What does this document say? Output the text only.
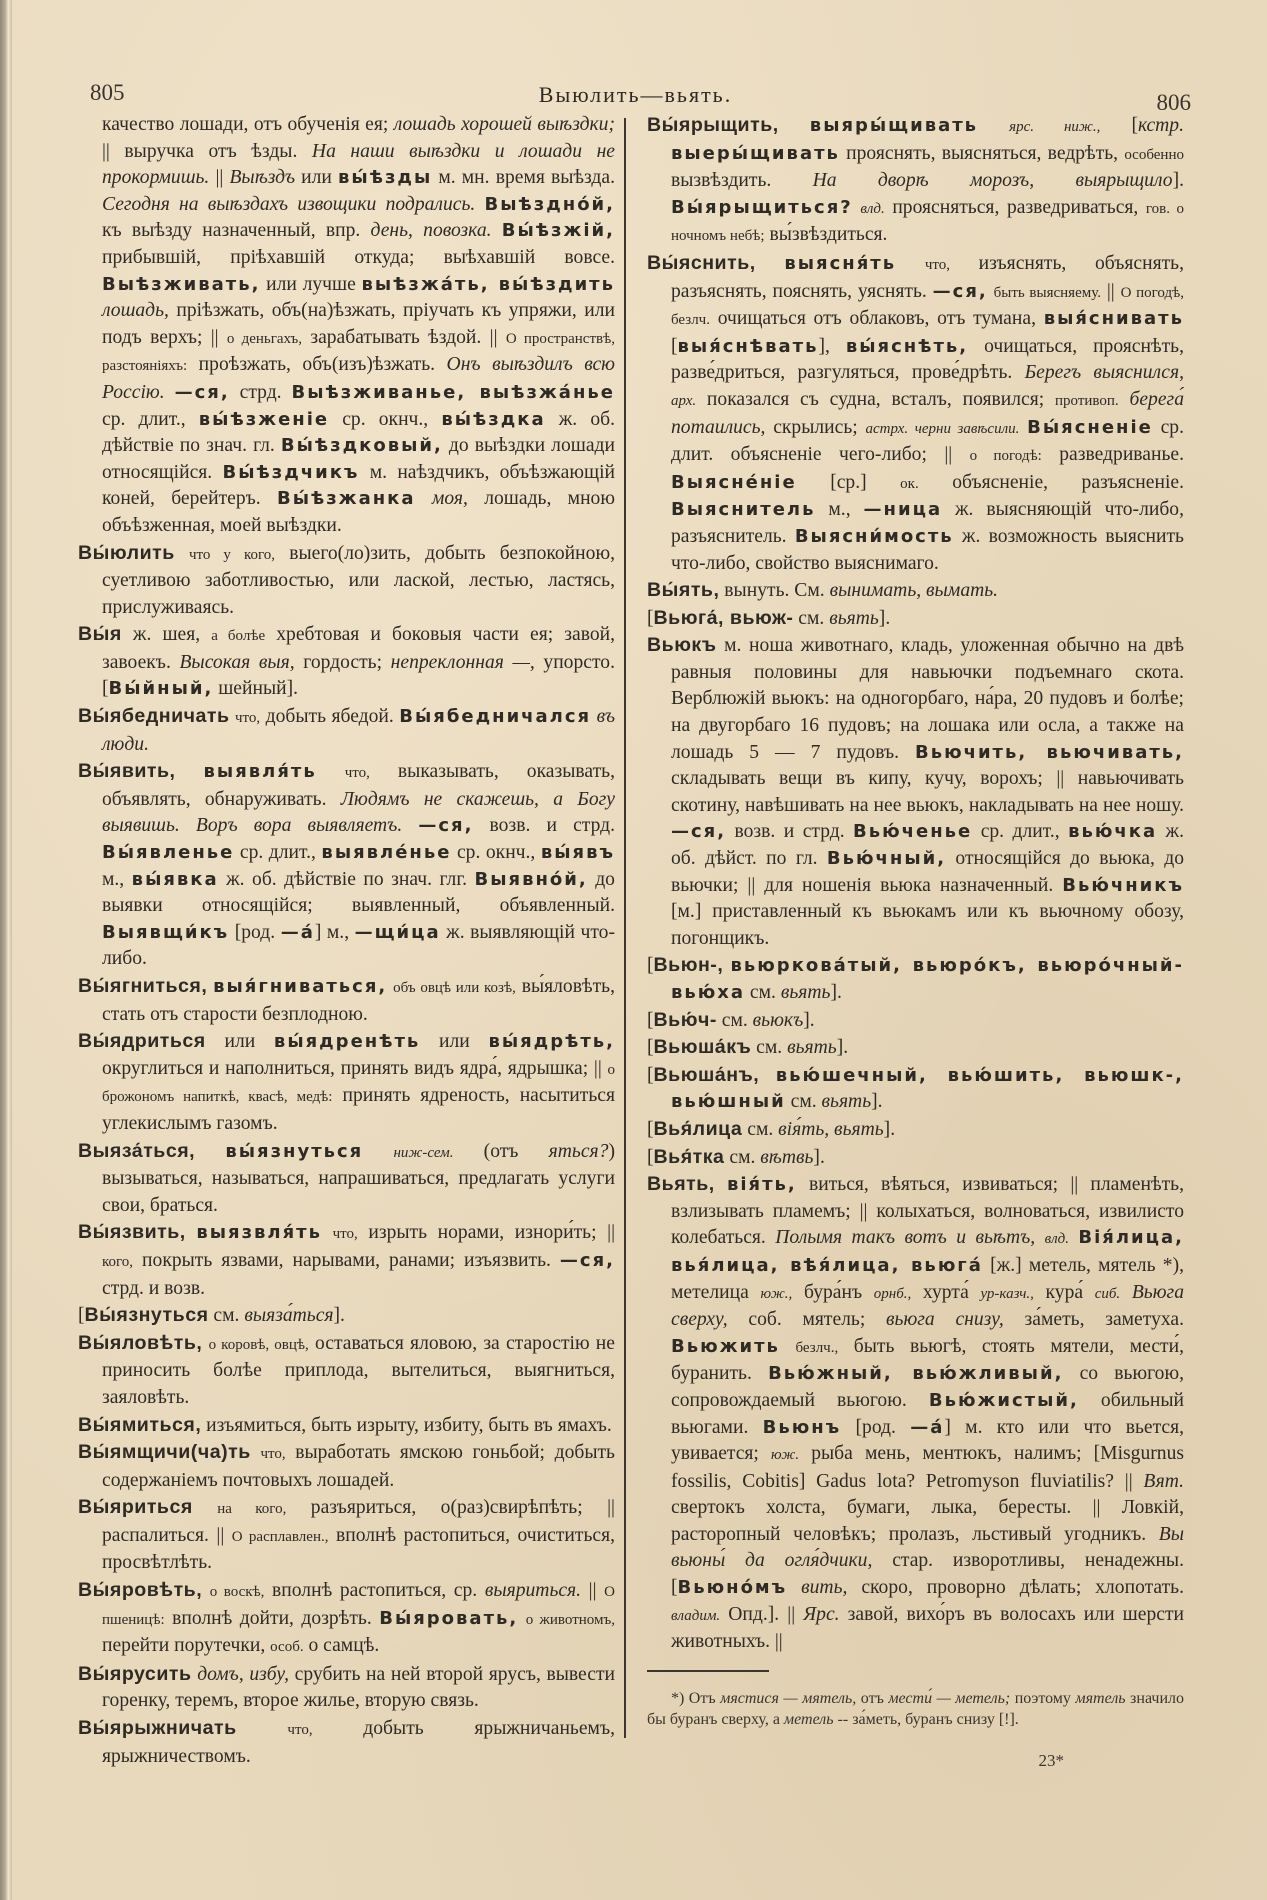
805	Выюлить—вьять.	806

качество лошади, отъ обученія ея; лошадь хорошей выѣздки; || выручка отъ ѣзды. На наши выѣздки и лошади не прокормишь. || Выѣздъ или вы́ѣзды м. мн. время выѣзда. Сегодня на выѣздахъ извощики подрались. Выѣздно́й, къ выѣзду назначенный, впр. день, повозка. Вы́ѣзжій, прибывшій, пріѣхавшій откуда; выѣхавшій вовсе. Выѣзживать, или лучше выѣзжа́ть, вы́ѣздить лошадь, пріѣзжать, объ(на)ѣзжать, пріучать къ упряжи, или подъ верхъ; || о деньгахъ, зарабатывать ѣздой. || О пространствѣ, разстояніяхъ: проѣзжать, объ(изъ)ѣзжать. Онъ выѣздилъ всю Россію. —ся, стрд. Выѣзживанье, выѣзжа́нье ср. длит., вы́ѣзженіе ср. окнч., вы́ѣздка ж. об. дѣйствіе по знач. гл. Вы́ѣздковый, до выѣздки лошади относящійся. Вы́ѣздчикъ м. наѣздчикъ, объѣзжающій коней, берейтеръ. Вы́ѣзжанка моя, лошадь, мною объѣзженная, моей выѣздки.

Вы́юлить что у кого, выего(ло)зить, добыть безпокойною, суетливою заботливостью, или лаской, лестью, ластясь, прислуживаясь.

Вы́я ж. шея, а болѣе хребтовая и боковыя части ея; завой, завоекъ. Высокая выя, гордость; непреклонная —, упорсто. [Вы́йный, шейный].

Вы́ябедничать что, добыть ябедой. Вы́ябедничался въ люди.

Вы́явить, выявля́ть что, выказывать, оказывать, объявлять, обнаруживать. Людямъ не скажешь, а Богу выявишь. Воръ вора выявляетъ. —ся, возв. и стрд. Вы́явленье ср. длит., выявле́нье ср. окнч., вы́явъ м., вы́явка ж. об. дѣйствіе по знач. глг. Выявно́й, до выявки относящійся; выявленный, объявленный. Выявщи́къ [род. —а́] м., —щи́ца ж. выявляющій что-либо.

Вы́ягниться, выя́гниваться, объ овцѣ или козѣ, вы́яловѣть, стать отъ старости безплодною.

Вы́ядриться или вы́ядренѣть или вы́ядрѣть, округлиться и наполниться, принять видъ ядра́, ядрышка; || о брожономъ напиткѣ, квасѣ, медѣ: принять ядреность, насытиться углекислымъ газомъ.

Выяза́ться, вы́язнуться ниж-сем. (отъ яться?) вызываться, называться, напрашиваться, предлагать услуги свои, браться.

Вы́язвить, выязвля́ть что, изрыть норами, изнори́ть; || кого, покрыть язвами, нарывами, ранами; изъязвить. —ся, стрд. и возв.

[Вы́язнуться см. выяза́ться].

Вы́яловѣть, о коровѣ, овцѣ, оставаться яловою, за старостію не приносить болѣе приплода, вытелиться, выягниться, заяловѣть.

Вы́ямиться, изъямиться, быть изрыту, избиту, быть въ ямахъ.

Вы́ямщичи(ча)ть что, выработать ямскою гоньбой; добыть содержаніемъ почтовыхъ лошадей.

Вы́яриться на кого, разъяриться, о(раз)свирѣпѣть; || распалиться. || О расплавлен., вполнѣ растопиться, очиститься, просвѣтлѣть.

Вы́яровѣть, о воскѣ, вполнѣ растопиться, ср. выяриться. || О пшеницѣ: вполнѣ дойти, дозрѣть. Вы́яровать, о животномъ, перейти порутечки, особ. о самцѣ.

Вы́ярусить домъ, избу, срубить на ней второй ярусъ, вывести горенку, теремъ, второе жилье, вторую связь.

Вы́ярыжничать	что, добыть ярыжничаньемъ, ярыжничествомъ.

Вы́ярыщить, выяры́щивать ярс. ниж., [кстр. выеры́щивать прояснять, выясняться, ведрѣть, особенно вызвѣздить. На дворѣ морозъ, выярыщило]. Вы́ярыщиться? влд. проясняться, разведриваться, гов. о ночномъ небѣ; вы́звѣздиться.

Вы́яснить, выясня́ть что, изъяснять, объяснять, разъяснять, пояснять, уяснять. —ся, быть выясняему. || О погодѣ, безлч. очищаться отъ облаковъ, отъ тумана, выя́снивать [выя́снѣвать], вы́яснѣть, очищаться, прояснѣть, разве́дриться, разгуляться, прове́дрѣть. Берегъ выяснился, арх. показался съ судна, всталъ, появился; противоп. берега́ потаились, скрылись; астрх. черни завѣсили. Вы́ясненіе ср. длит. объясненіе чего-либо; || о погодѣ: разведриванье. Выясне́ніе [ср.] ок. объясненіе, разъясненіе. Выяснитель м., —ница ж. выясняющій что-либо, разъяснитель. Выясни́мость ж. возможность выяснить что-либо, свойство выяснимаго.

Вы́ять, вынуть. См. вынимать, вымать.

[Вьюга́, вьюж- см. вьять].

Вьюкъ м. ноша животнаго, кладь, уложенная обычно на двѣ равныя половины для навьючки подъемнаго скота. Верблюжій вьюкъ: на одногорбаго, на́ра, 20 пудовъ и болѣе; на двугорбаго 16 пудовъ; на лошака или осла, а также на лошадь 5 — 7 пудовъ. Вьючить, вьючивать, складывать вещи въ кипу, кучу, ворохъ; || навьючивать скотину, навѣшивать на нее вьюкъ, накладывать на нее ношу. —ся, возв. и стрд. Вью́ченье ср. длит., вью́чка ж. об. дѣйст. по гл. Вью́чный, относящійся до вьюка, до вьючки; || для ношенія вьюка назначенный. Вью́чникъ [м.] приставленный къ вьюкамъ или къ вьючному обозу, погонщикъ.

[Вьюн-, вьюрковáтый, вьюро́къ, вьюро́чный-вью́ха см. вьять].

[Вью́ч- см. вьюкъ].

[Вьюша́къ см. вьять].

[Вьюша́нъ, вью́шечный, вью́шить, вьюшк-, вью́шный см. вьять].

[Вья́лица см. вія́ть, вьять].

[Вья́тка см. вѣтвь].

Вьять, вія́ть, виться, вѣяться, извиваться; || пламенѣть, взлизывать пламемъ; || колыхаться, волноваться, извилисто колебаться. Полымя такъ вотъ и вьѣтъ, влд. Вія́лица, вья́лица, вѣя́лица, вьюга́ [ж.] метель, мятель *), метелица юж., бура́нъ орнб., хурта́ ур-казч., кура́ сиб. Вьюга сверху, соб. мятель; вьюга снизу, за́меть, заметуха. Вьюжить безлч., быть вьюгѣ, стоять мятели, мести́, буранить. Вью́жный, вью́жливый, со вьюгою, сопровождаемый вьюгою. Вью́жистый, обильный вьюгами. Вьюнъ [род. —а́] м. кто или что вьется, увивается; юж. рыба мень, ментюкъ, налимъ; [Misgurnus fossilis, Cobitis] Gadus lota? Petromyson fluviatilis? || Вят. свертокъ холста, бумаги, лыка, бересты. || Ловкій, расторопный человѣкъ; пролазъ, льстивый угодникъ. Вы вьюны́ да огля́дчики, стар. изворотливы, ненадежны. [Вьюно́мъ вить, скоро, проворно дѣлать; хлопотать. владим. Опд.]. || Ярс. завой, вихо́ръ въ волосахъ или шерсти животныхъ. ||

*) Отъ мястися — мятель, отъ мести́ — метель; поэтому мятель значило бы буранъ сверху, а метель -- за́меть, буранъ снизу [!].

23*
